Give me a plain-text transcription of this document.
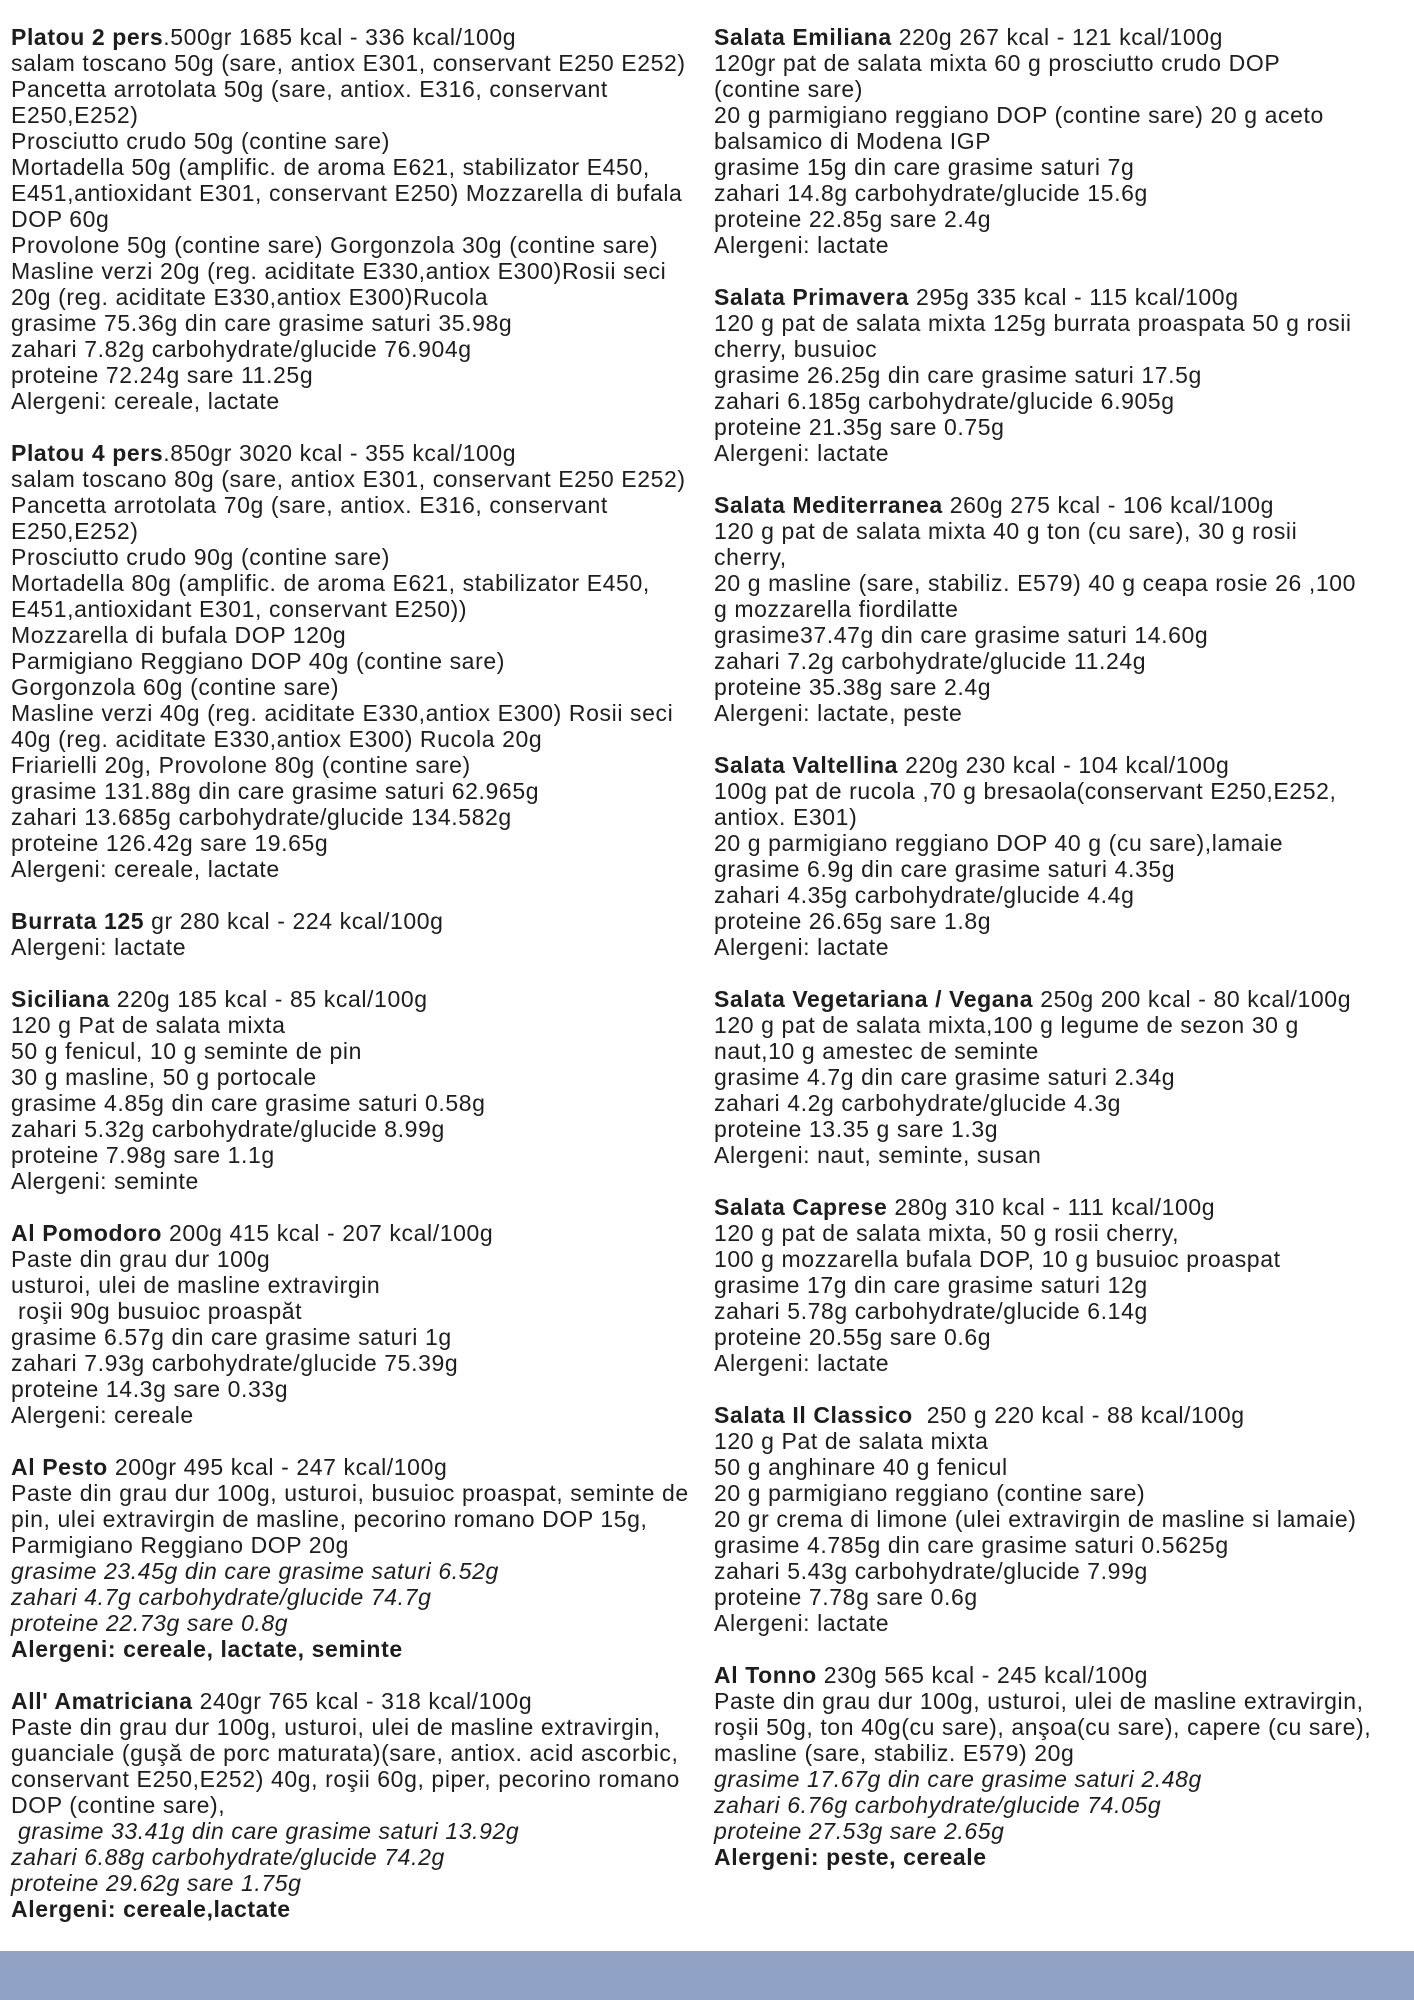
Platou 2 pers.500gr 1685 kcal - 336 kcal/100g
salam toscano 50g (sare, antiox E301, conservant E250 E252)
Pancetta arrotolata 50g (sare, antiox. E316, conservant
E250,E252)
Prosciutto crudo 50g (contine sare)
Mortadella 50g (amplific. de aroma E621, stabilizator E450,
E451,antioxidant E301, conservant E250) Mozzarella di bufala
DOP 60g
Provolone 50g (contine sare) Gorgonzola 30g (contine sare)
Masline verzi 20g (reg. aciditate E330,antiox E300)Rosii seci
20g (reg. aciditate E330,antiox E300)Rucola
grasime 75.36g din care grasime saturi 35.98g
zahari 7.82g carbohydrate/glucide 76.904g
proteine 72.24g sare 11.25g
Alergeni: cereale, lactate
Platou 4 pers.850gr 3020 kcal - 355 kcal/100g
salam toscano 80g (sare, antiox E301, conservant E250 E252)
Pancetta arrotolata 70g (sare, antiox. E316, conservant
E250,E252)
Prosciutto crudo 90g (contine sare)
Mortadella 80g (amplific. de aroma E621, stabilizator E450,
E451,antioxidant E301, conservant E250))
Mozzarella di bufala DOP 120g
Parmigiano Reggiano DOP 40g (contine sare)
Gorgonzola 60g (contine sare)
Masline verzi 40g (reg. aciditate E330,antiox E300) Rosii seci
40g (reg. aciditate E330,antiox E300) Rucola 20g
Friarielli 20g, Provolone 80g (contine sare)
grasime 131.88g din care grasime saturi 62.965g
zahari 13.685g carbohydrate/glucide 134.582g
proteine 126.42g sare 19.65g
Alergeni: cereale, lactate
Burrata 125 gr 280 kcal - 224 kcal/100g
Alergeni: lactate
Siciliana 220g 185 kcal - 85 kcal/100g
120 g Pat de salata mixta
50 g fenicul, 10 g seminte de pin
30 g masline, 50 g portocale
grasime 4.85g din care grasime saturi 0.58g
zahari 5.32g carbohydrate/glucide 8.99g
proteine 7.98g sare 1.1g
Alergeni: seminte
Al Pomodoro 200g 415 kcal - 207 kcal/100g
Paste din grau dur 100g
usturoi, ulei de masline extravirgin
roşii 90g busuioc proaspăt
grasime 6.57g din care grasime saturi 1g
zahari 7.93g carbohydrate/glucide 75.39g
proteine 14.3g sare 0.33g
Alergeni: cereale
Al Pesto 200gr 495 kcal - 247 kcal/100g
Paste din grau dur 100g, usturoi, busuioc proaspat, seminte de
pin, ulei extravirgin de masline, pecorino romano DOP 15g,
Parmigiano Reggiano DOP 20g
grasime 23.45g din care grasime saturi 6.52g
zahari 4.7g carbohydrate/glucide 74.7g
proteine 22.73g sare 0.8g
Alergeni: cereale, lactate, seminte
All' Amatriciana 240gr 765 kcal - 318 kcal/100g
Paste din grau dur 100g, usturoi, ulei de masline extravirgin,
guanciale (guşă de porc maturata)(sare, antiox. acid ascorbic,
conservant E250,E252) 40g, roşii 60g, piper, pecorino romano
DOP (contine sare),
grasime 33.41g din care grasime saturi 13.92g
zahari 6.88g carbohydrate/glucide 74.2g
proteine 29.62g sare 1.75g
Alergeni: cereale,lactate
Salata Emiliana 220g 267 kcal - 121 kcal/100g
120gr pat de salata mixta 60 g prosciutto crudo DOP
(contine sare)
20 g parmigiano reggiano DOP (contine sare) 20 g aceto
balsamico di Modena IGP
grasime 15g din care grasime saturi 7g
zahari 14.8g carbohydrate/glucide 15.6g
proteine 22.85g sare 2.4g
Alergeni: lactate
Salata Primavera 295g 335 kcal - 115 kcal/100g
120 g pat de salata mixta 125g burrata proaspata 50 g rosii
cherry, busuioc
grasime 26.25g din care grasime saturi 17.5g
zahari 6.185g carbohydrate/glucide 6.905g
proteine 21.35g sare 0.75g
Alergeni: lactate
Salata Mediterranea 260g 275 kcal - 106 kcal/100g
120 g pat de salata mixta 40 g ton (cu sare), 30 g rosii
cherry,
20 g masline (sare, stabiliz. E579) 40 g ceapa rosie 26 ,100
g mozzarella fiordilatte
grasime37.47g din care grasime saturi 14.60g
zahari 7.2g carbohydrate/glucide 11.24g
proteine 35.38g sare 2.4g
Alergeni: lactate, peste
Salata Valtellina 220g 230 kcal - 104 kcal/100g
100g pat de rucola ,70 g bresaola(conservant E250,E252,
antiox. E301)
20 g parmigiano reggiano DOP 40 g (cu sare),lamaie
grasime 6.9g din care grasime saturi 4.35g
zahari 4.35g carbohydrate/glucide 4.4g
proteine 26.65g sare 1.8g
Alergeni: lactate
Salata Vegetariana / Vegana 250g 200 kcal - 80 kcal/100g
120 g pat de salata mixta,100 g legume de sezon 30 g
naut,10 g amestec de seminte
grasime 4.7g din care grasime saturi 2.34g
zahari 4.2g carbohydrate/glucide 4.3g
proteine 13.35 g sare 1.3g
Alergeni: naut, seminte, susan
Salata Caprese 280g 310 kcal - 111 kcal/100g
120 g pat de salata mixta, 50 g rosii cherry,
100 g mozzarella bufala DOP, 10 g busuioc proaspat
grasime 17g din care grasime saturi 12g
zahari 5.78g carbohydrate/glucide 6.14g
proteine 20.55g sare 0.6g
Alergeni: lactate
Salata Il Classico  250 g 220 kcal - 88 kcal/100g
120 g Pat de salata mixta
50 g anghinare 40 g fenicul
20 g parmigiano reggiano (contine sare)
20 gr crema di limone (ulei extravirgin de masline si lamaie)
grasime 4.785g din care grasime saturi 0.5625g
zahari 5.43g carbohydrate/glucide 7.99g
proteine 7.78g sare 0.6g
Alergeni: lactate
Al Tonno 230g 565 kcal - 245 kcal/100g
Paste din grau dur 100g, usturoi, ulei de masline extravirgin,
roşii 50g, ton 40g(cu sare), anşoa(cu sare), capere (cu sare),
masline (sare, stabiliz. E579) 20g
grasime 17.67g din care grasime saturi 2.48g
zahari 6.76g carbohydrate/glucide 74.05g
proteine 27.53g sare 2.65g
Alergeni: peste, cereale
